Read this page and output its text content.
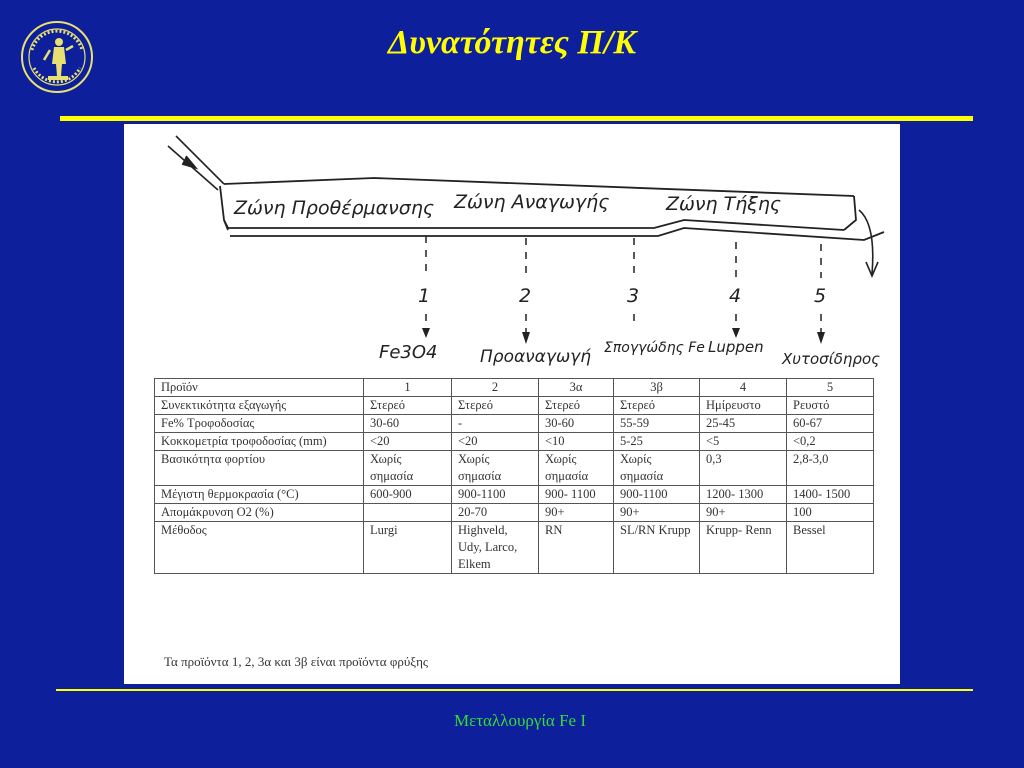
Δυνατότητες Π/Κ
Ζώνη Προθέρμανσης Ζώνη Αναγωγής	Ζώνη Τήξης
1	2	3	4	5
Fe3O4	Προαναγωγή Σπογγώδης Fe Luppen
Χυτοσίδηρος
Προϊόν	1	2	3α	3β	4	5
Συνεκτικότητα εξαγωγής	Στερεό	Στερεό	Στερεό	Στερεό	Ημίρευστο	Ρευστό
Fe% Τροφοδοσίας	30-60	-	30-60	55-59	25-45	60-67
Κοκκομετρία τροφοδοσίας (mm)	<20	<20	<10	5-25	<5	<0,2
Βασικότητα φορτίου	Χωρίς σημασία	Χωρίς σημασία	Χωρίς σημασία	Χωρίς σημασία	0,3	2,8-3,0
Μέγιστη θερμοκρασία (°C)	600-900	900-1100	900- 1100	900-1100	1200- 1300	1400- 1500
Απομάκρυνση O2 (%)		20-70	90+	90+	90+	100
Μέθοδος	Lurgi	Highveld, Udy, Larco, Elkem	RN	SL/RN Krupp	Krupp- Renn	Bessel
Τα προϊόντα 1, 2, 3α και 3β είναι προϊόντα φρύξης
Μεταλλουργία Fe I
